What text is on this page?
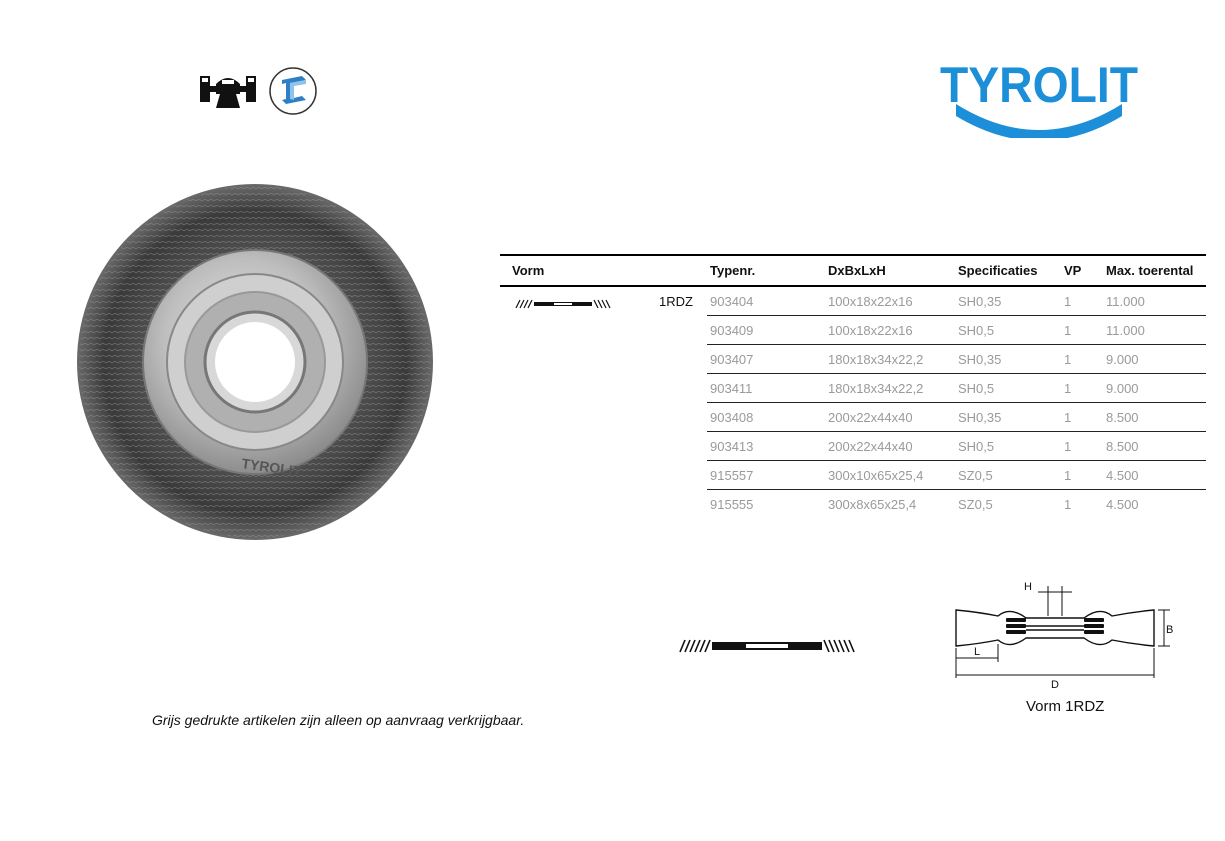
TYROLIT
TYROLIT
Vorm	Typenr.	DxBxLxH	Specificaties	VP	Max. toerental
1RDZ	903404	100x18x22x16	SH0,35	1	11.000
	903409	100x18x22x16	SH0,5	1	11.000
	903407	180x18x34x22,2	SH0,35	1	9.000
	903411	180x18x34x22,2	SH0,5	1	9.000
	903408	200x22x44x40	SH0,35	1	8.500
	903413	200x22x44x40	SH0,5	1	8.500
	915557	300x10x65x25,4	SZ0,5	1	4.500
	915555	300x8x65x25,4	SZ0,5	1	4.500
Grijs gedrukte artikelen zijn alleen op aanvraag verkrijgbaar.
H
B
L
D
Vorm 1RDZ
